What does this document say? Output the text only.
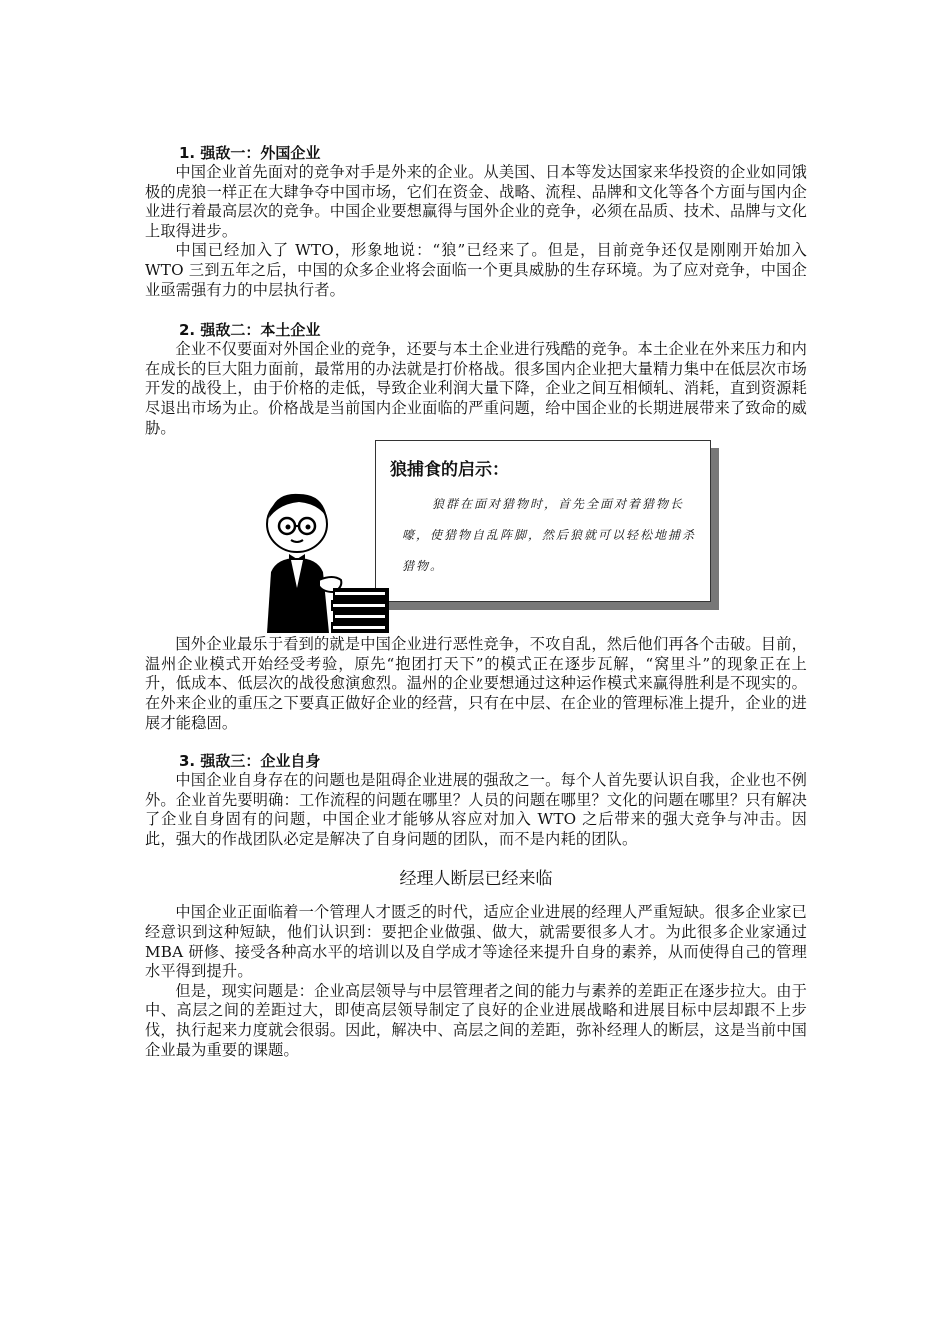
1. 强敌一：外国企业

中国企业首先面对的竞争对手是外来的企业。从美国、日本等发达国家来华投资的企业如同饿极的虎狼一样正在大肆争夺中国市场，它们在资金、战略、流程、品牌和文化等各个方面与国内企业进行着最高层次的竞争。中国企业要想赢得与国外企业的竞争，必须在品质、技术、品牌与文化上取得进步。

中国已经加入了 WTO，形象地说：“狼”已经来了。但是，目前竞争还仅是刚刚开始加入 WTO 三到五年之后，中国的众多企业将会面临一个更具威胁的生存环境。为了应对竞争，中国企业亟需强有力的中层执行者。

2. 强敌二：本土企业

企业不仅要面对外国企业的竞争，还要与本土企业进行残酷的竞争。本土企业在外来压力和内在成长的巨大阻力面前，最常用的办法就是打价格战。很多国内企业把大量精力集中在低层次市场开发的战役上，由于价格的走低，导致企业利润大量下降，企业之间互相倾轧、消耗，直到资源耗尽退出市场为止。价格战是当前国内企业面临的严重问题，给中国企业的长期进展带来了致命的威胁。

狼捕食的启示：
狼群在面对猎物时，首先全面对着猎物长嚎，使猎物自乱阵脚，然后狼就可以轻松地捕杀猎物。

国外企业最乐于看到的就是中国企业进行恶性竞争，不攻自乱，然后他们再各个击破。目前，温州企业模式开始经受考验，原先“抱团打天下”的模式正在逐步瓦解，“窝里斗”的现象正在上升，低成本、低层次的战役愈演愈烈。温州的企业要想通过这种运作模式来赢得胜利是不现实的。在外来企业的重压之下要真正做好企业的经营，只有在中层、在企业的管理标准上提升，企业的进展才能稳固。

3. 强敌三：企业自身

中国企业自身存在的问题也是阻碍企业进展的强敌之一。每个人首先要认识自我，企业也不例外。企业首先要明确：工作流程的问题在哪里？人员的问题在哪里？文化的问题在哪里？只有解决了企业自身固有的问题，中国企业才能够从容应对加入 WTO 之后带来的强大竞争与冲击。因此，强大的作战团队必定是解决了自身问题的团队，而不是内耗的团队。

经理人断层已经来临

中国企业正面临着一个管理人才匮乏的时代，适应企业进展的经理人严重短缺。很多企业家已经意识到这种短缺，他们认识到：要把企业做强、做大，就需要很多人才。为此很多企业家通过 MBA 研修、接受各种高水平的培训以及自学成才等途径来提升自身的素养，从而使得自己的管理水平得到提升。

但是，现实问题是：企业高层领导与中层管理者之间的能力与素养的差距正在逐步拉大。由于中、高层之间的差距过大，即使高层领导制定了良好的企业进展战略和进展目标中层却跟不上步伐，执行起来力度就会很弱。因此，解决中、高层之间的差距，弥补经理人的断层，这是当前中国企业最为重要的课题。
